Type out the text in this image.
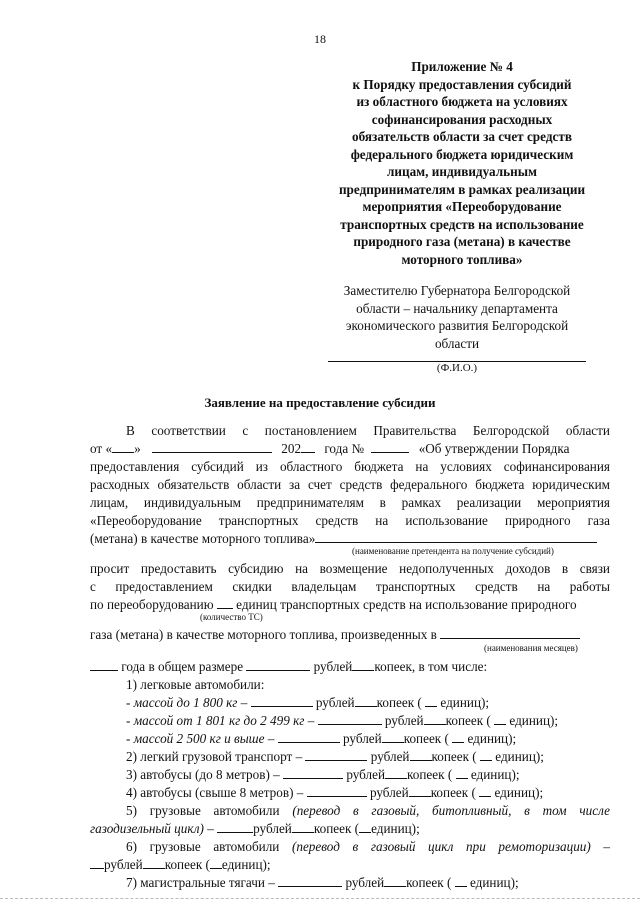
18
Приложение № 4
к Порядку предоставления субсидий
из областного бюджета на условиях
софинансирования расходных
обязательств области за счет средств
федерального бюджета юридическим
лицам, индивидуальным
предпринимателям в рамках реализации
мероприятия «Переоборудование
транспортных средств на использование
природного газа (метана) в качестве
моторного топлива»
Заместителю Губернатора Белгородской
области – начальнику департамента
экономического развития Белгородской
области
(Ф.И.О.)
Заявление на предоставление субсидии
В соответствии с постановлением Правительства Белгородской области
от « »	202 года №	«Об утверждении Порядка
предоставления субсидий из областного бюджета на условиях софинансирования
расходных обязательств области за счет средств федерального бюджета юридическим
лицам, индивидуальным предпринимателям в рамках реализации мероприятия
«Переоборудование транспортных средств на использование природного газа
(метана) в качестве моторного топлива»
(наименование претендента на получение субсидий)
просит предоставить субсидию на возмещение недополученных доходов в связи
с предоставлением скидки владельцам транспортных средств на работы
по переоборудованию единиц транспортных средств на использование природного
(количество ТС)
газа (метана) в качестве моторного топлива, произведенных в
(наименования месяцев)
года в общем размере	рублей копеек, в том числе:
1) легковые автомобили:
- массой до 1 800 кг –	рублей копеек ( единиц);
- массой от 1 801 кг до 2 499 кг –	рублей копеек ( единиц);
- массой 2 500 кг и выше –	рублей копеек ( единиц);
2) легкий грузовой транспорт –	рублей копеек ( единиц);
3) автобусы (до 8 метров) –	рублей копеек ( единиц);
4) автобусы (свыше 8 метров) –	рублей копеек ( единиц);
5) грузовые автомобили (перевод в газовый, битопливный, в том числе
газодизельный цикл) –	рублей копеек ( единиц);
6) грузовые автомобили (перевод в газовый цикл при ремоторизации) –
рублей копеек ( единиц);
7) магистральные тягачи –	рублей копеек ( единиц);
